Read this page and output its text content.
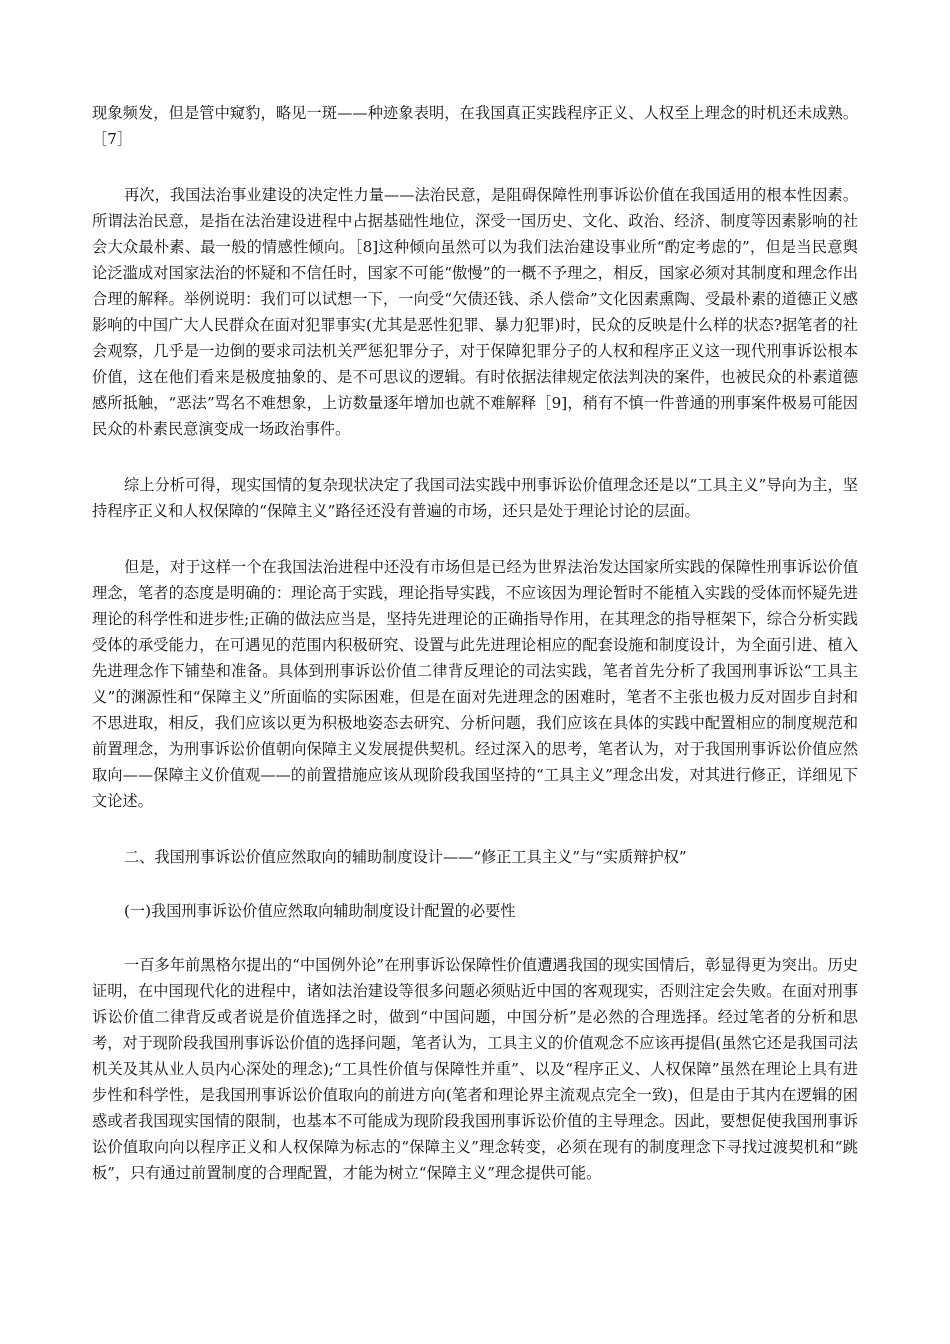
现象频发，但是管中窥豹，略见一斑——种迹象表明，在我国真正实践程序正义、人权至上理念的时机还未成熟。［7］

再次，我国法治事业建设的决定性力量——法治民意，是阻碍保障性刑事诉讼价值在我国适用的根本性因素。所谓法治民意，是指在法治建设进程中占据基础性地位，深受一国历史、文化、政治、经济、制度等因素影响的社会大众最朴素、最一般的情感性倾向。［8]这种倾向虽然可以为我们法治建设事业所“酌定考虑的”，但是当民意舆论泛滥成对国家法治的怀疑和不信任时，国家不可能“傲慢”的一概不予理之，相反，国家必须对其制度和理念作出合理的解释。举例说明：我们可以试想一下，一向受“欠债还钱、杀人偿命”文化因素熏陶、受最朴素的道德正义感影响的中国广大人民群众在面对犯罪事实(尤其是恶性犯罪、暴力犯罪)时，民众的反映是什么样的状态?据笔者的社会观察，几乎是一边倒的要求司法机关严惩犯罪分子，对于保障犯罪分子的人权和程序正义这一现代刑事诉讼根本价值，这在他们看来是极度抽象的、是不可思议的逻辑。有时依据法律规定依法判决的案件，也被民众的朴素道德感所抵触，“恶法”骂名不难想象，上访数量逐年增加也就不难解释［9]，稍有不慎一件普通的刑事案件极易可能因民众的朴素民意演变成一场政治事件。

综上分析可得，现实国情的复杂现状决定了我国司法实践中刑事诉讼价值理念还是以“工具主义”导向为主，坚持程序正义和人权保障的“保障主义”路径还没有普遍的市场，还只是处于理论讨论的层面。

但是，对于这样一个在我国法治进程中还没有市场但是已经为世界法治发达国家所实践的保障性刑事诉讼价值理念，笔者的态度是明确的：理论高于实践，理论指导实践，不应该因为理论暂时不能植入实践的受体而怀疑先进理论的科学性和进步性;正确的做法应当是，坚持先进理论的正确指导作用，在其理念的指导框架下，综合分析实践受体的承受能力，在可遇见的范围内积极研究、设置与此先进理论相应的配套设施和制度设计，为全面引进、植入先进理念作下铺垫和准备。具体到刑事诉讼价值二律背反理论的司法实践，笔者首先分析了我国刑事诉讼“工具主义”的渊源性和“保障主义”所面临的实际困难，但是在面对先进理念的困难时，笔者不主张也极力反对固步自封和不思进取，相反，我们应该以更为积极地姿态去研究、分析问题，我们应该在具体的实践中配置相应的制度规范和前置理念，为刑事诉讼价值朝向保障主义发展提供契机。经过深入的思考，笔者认为，对于我国刑事诉讼价值应然取向——保障主义价值观——的前置措施应该从现阶段我国坚持的“工具主义”理念出发，对其进行修正，详细见下文论述。

二、我国刑事诉讼价值应然取向的辅助制度设计——“修正工具主义”与“实质辩护权”

(一)我国刑事诉讼价值应然取向辅助制度设计配置的必要性

一百多年前黑格尔提出的“中国例外论”在刑事诉讼保障性价值遭遇我国的现实国情后，彰显得更为突出。历史证明，在中国现代化的进程中，诸如法治建设等很多问题必须贴近中国的客观现实，否则注定会失败。在面对刑事诉讼价值二律背反或者说是价值选择之时，做到“中国问题，中国分析”是必然的合理选择。经过笔者的分析和思考，对于现阶段我国刑事诉讼价值的选择问题，笔者认为，工具主义的价值观念不应该再提倡(虽然它还是我国司法机关及其从业人员内心深处的理念);“工具性价值与保障性并重”、以及“程序正义、人权保障”虽然在理论上具有进步性和科学性，是我国刑事诉讼价值取向的前进方向(笔者和理论界主流观点完全一致)，但是由于其内在逻辑的困惑或者我国现实国情的限制，也基本不可能成为现阶段我国刑事诉讼价值的主导理念。因此，要想促使我国刑事诉讼价值取向向以程序正义和人权保障为标志的“保障主义”理念转变，必须在现有的制度理念下寻找过渡契机和“跳板”，只有通过前置制度的合理配置，才能为树立“保障主义”理念提供可能。
